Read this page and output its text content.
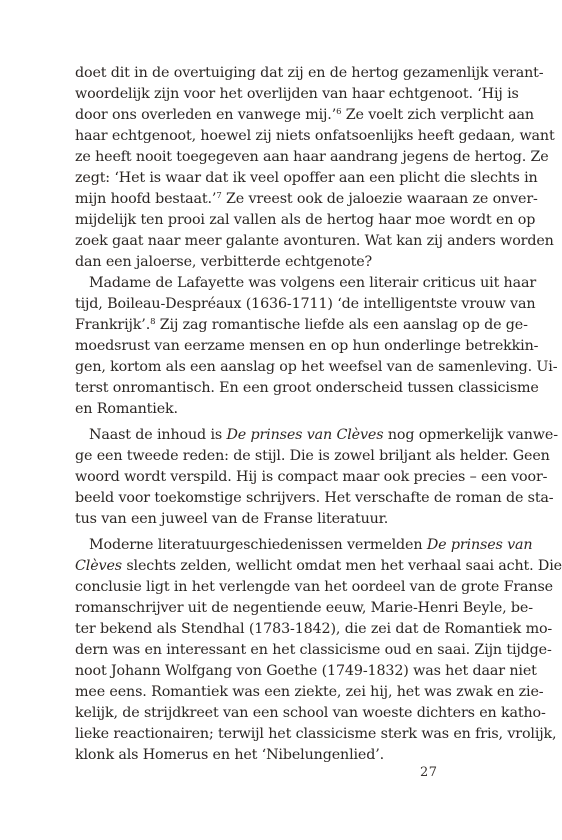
doet dit in de overtuiging dat zij en de hertog gezamenlijk verant-
woordelijk zijn voor het overlijden van haar echtgenoot. ‘Hij is
door ons overleden en vanwege mij.’$^6$ Ze voelt zich verplicht aan
haar echtgenoot, hoewel zij niets onfatsoenlijks heeft gedaan, want
ze heeft nooit toegegeven aan haar aandrang jegens de hertog. Ze
zegt: ‘Het is waar dat ik veel opoffer aan een plicht die slechts in
mijn hoofd bestaat.’$^7$ Ze vreest ook de jaloezie waaraan ze onver-
mijdelijk ten prooi zal vallen als de hertog haar moe wordt en op
zoek gaat naar meer galante avonturen. Wat kan zij anders worden
dan een jaloerse, verbitterde echtgenote?
Madame de Lafayette was volgens een literair criticus uit haar
tijd, Boileau-Despréaux (1636-1711) ‘de intelligentste vrouw van
Frankrijk’.$^8$ Zij zag romantische liefde als een aanslag op de ge-
moedsrust van eerzame mensen en op hun onderlinge betrekkin-
gen, kortom als een aanslag op het weefsel van de samenleving. Ui-
terst onromantisch. En een groot onderscheid tussen classicisme
en Romantiek.
Naast de inhoud is De prinses van Clèves nog opmerkelijk vanwe-
ge een tweede reden: de stijl. Die is zowel briljant als helder. Geen
woord wordt verspild. Hij is compact maar ook precies – een voor-
beeld voor toekomstige schrijvers. Het verschafte de roman de sta-
tus van een juweel van de Franse literatuur.
Moderne literatuurgeschiedenissen vermelden De prinses van
Clèves slechts zelden, wellicht omdat men het verhaal saai acht. Die
conclusie ligt in het verlengde van het oordeel van de grote Franse
romanschrijver uit de negentiende eeuw, Marie-Henri Beyle, be-
ter bekend als Stendhal (1783-1842), die zei dat de Romantiek mo-
dern was en interessant en het classicisme oud en saai. Zijn tijdge-
noot Johann Wolfgang von Goethe (1749-1832) was het daar niet
mee eens. Romantiek was een ziekte, zei hij, het was zwak en zie-
kelijk, de strijdkreet van een school van woeste dichters en katho-
lieke reactionairen; terwijl het classicisme sterk was en fris, vrolijk,
klonk als Homerus en het ‘Nibelungenlied’.
27
